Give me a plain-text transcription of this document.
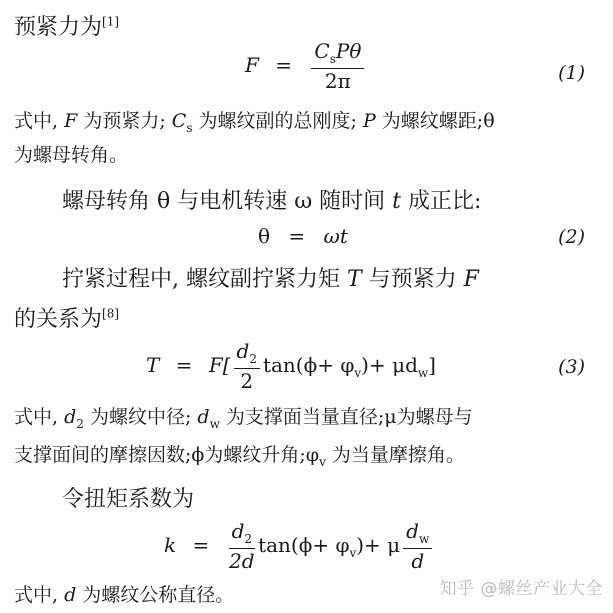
预紧力为[1]
$F = \frac{C_sP\theta}{2\pi}$	(1)
式中, F 为预紧力; $C_s$ 为螺纹副的总刚度; P 为螺纹螺距;θ
为螺母转角。
螺母转角 θ 与电机转速 ω 随时间 t 成正比:
θ = ωt	(2)
拧紧过程中, 螺纹副拧紧力矩 T 与预紧力 F
的关系为[8]
$T = F[ \frac{d_2}{2} \tan(\phi+ \varphi_v)+ \mu d_w]$	(3)
式中, $d_2$ 为螺纹中径; $d_w$ 为支撑面当量直径;μ为螺母与
支撑面间的摩擦因数;ϕ为螺纹升角$;\varphi_v$ 为当量摩擦角。
令扭矩系数为
$k = \frac{d_2}{2d} \tan(\phi+ \varphi_v)+ \mu \frac{d_w}{d}$
式中, d 为螺纹公称直径。	知乎 @螺丝产业大全
